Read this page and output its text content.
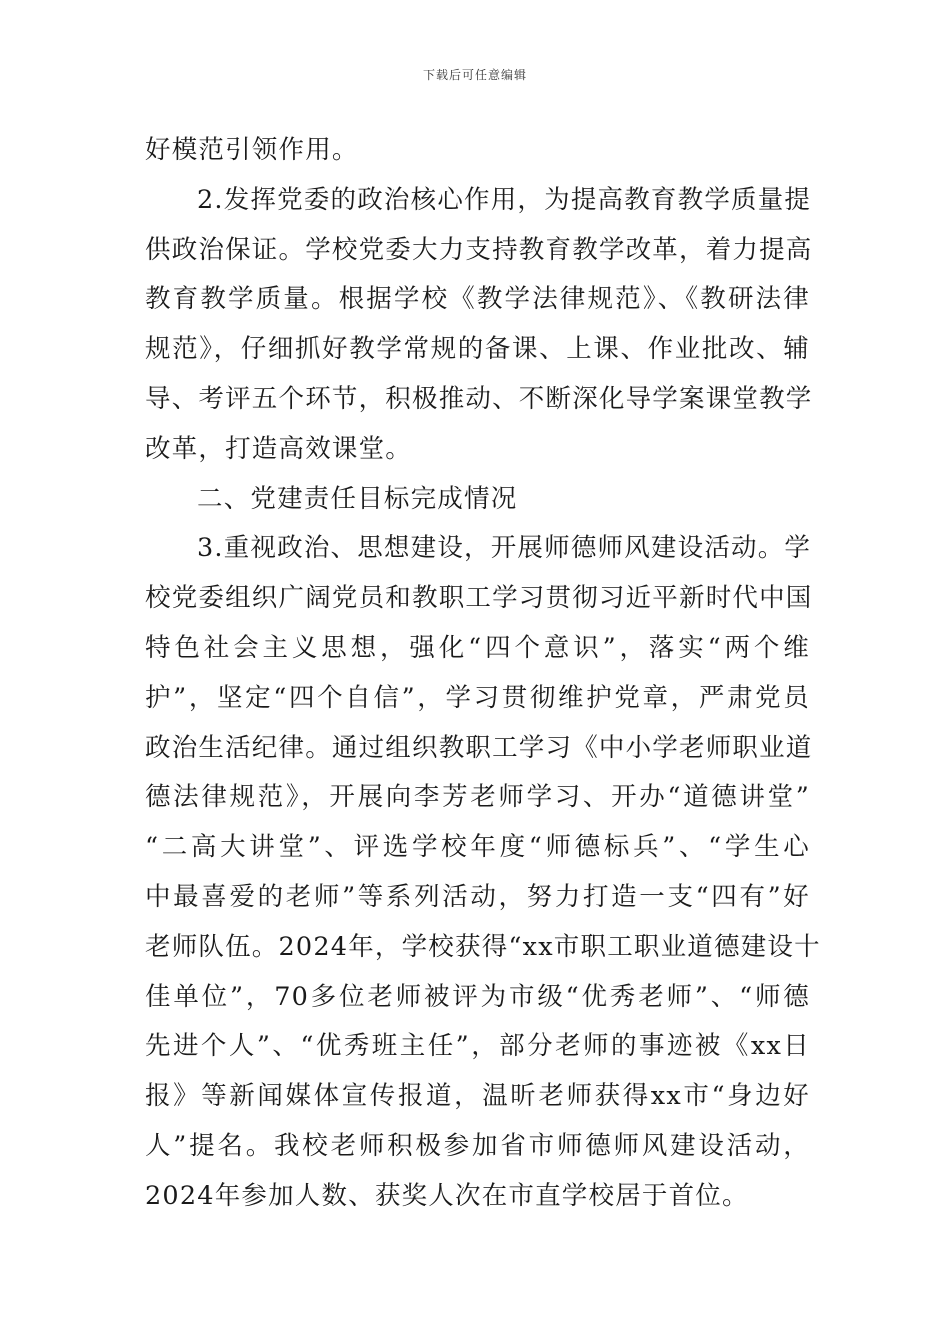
下载后可任意编辑
好模范引领作用。
2.发挥党委的政治核心作用，为提高教育教学质量提
供政治保证。学校党委大力支持教育教学改革，着力提高
教育教学质量。根据学校《教学法律规范》、《教研法律
规范》，仔细抓好教学常规的备课、上课、作业批改、辅
导、考评五个环节，积极推动、不断深化导学案课堂教学
改革，打造高效课堂。
二、党建责任目标完成情况
3.重视政治、思想建设，开展师德师风建设活动。学
校党委组织广阔党员和教职工学习贯彻习近平新时代中国
特色社会主义思想，强化“四个意识”，落实“两个维
护”，坚定“四个自信”，学习贯彻维护党章，严肃党员
政治生活纪律。通过组织教职工学习《中小学老师职业道
德法律规范》，开展向李芳老师学习、开办“道德讲堂”
“二高大讲堂”、评选学校年度“师德标兵”、“学生心
中最喜爱的老师”等系列活动，努力打造一支“四有”好
老师队伍。2024年，学校获得“xx市职工职业道德建设十
佳单位”，70多位老师被评为市级“优秀老师”、“师德
先进个人”、“优秀班主任”，部分老师的事迹被《xx日
报》等新闻媒体宣传报道，温昕老师获得xx市“身边好
人”提名。我校老师积极参加省市师德师风建设活动，
2024年参加人数、获奖人次在市直学校居于首位。
